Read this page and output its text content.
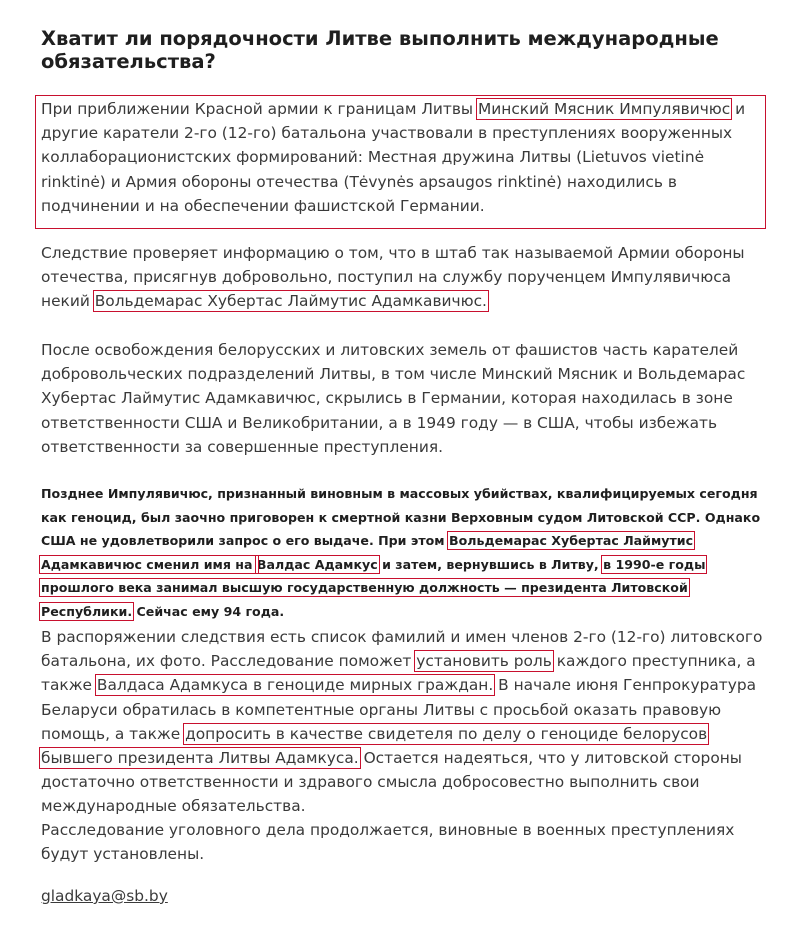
Хватит ли порядочности Литве выполнить международные обязательства?

При приближении Красной армии к границам Литвы Минский Мясник Импулявичюс и другие каратели 2-го (12-го) батальона участвовали в преступлениях вооруженных коллаборационистских формирований: Местная дружина Литвы (Lietuvos vietinė rinktinė) и Армия обороны отечества (Tėvynės apsaugos rinktinė) находились в подчинении и на обеспечении фашистской Германии.

Следствие проверяет информацию о том, что в штаб так называемой Армии обороны отечества, присягнув добровольно, поступил на службу порученцем Импулявичюса некий Вольдемарас Хубертас Лаймутис Адамкавичюс.

После освобождения белорусских и литовских земель от фашистов часть карателей добровольческих подразделений Литвы, в том числе Минский Мясник и Вольдемарас Хубертас Лаймутис Адамкавичюс, скрылись в Германии, которая находилась в зоне ответственности США и Великобритании, а в 1949 году — в США, чтобы избежать ответственности за совершенные преступления.

Позднее Импулявичюс, признанный виновным в массовых убийствах, квалифицируемых сегодня как геноцид, был заочно приговорен к смертной казни Верховным судом Литовской ССР. Однако США не удовлетворили запрос о его выдаче. При этом Вольдемарас Хубертас Лаймутис Адамкавичюс сменил имя на Валдас Адамкус и затем, вернувшись в Литву, в 1990-е годы прошлого века занимал высшую государственную должность — президента Литовской Республики. Сейчас ему 94 года.

В распоряжении следствия есть список фамилий и имен членов 2-го (12-го) литовского батальона, их фото. Расследование поможет установить роль каждого преступника, а также Валдаса Адамкуса в геноциде мирных граждан. В начале июня Генпрокуратура Беларуси обратилась в компетентные органы Литвы с просьбой оказать правовую помощь, а также допросить в качестве свидетеля по делу о геноциде белорусов бывшего президента Литвы Адамкуса. Остается надеяться, что у литовской стороны достаточно ответственности и здравого смысла добросовестно выполнить свои международные обязательства.

Расследование уголовного дела продолжается, виновные в военных преступлениях будут установлены.

gladkaya@sb.by
